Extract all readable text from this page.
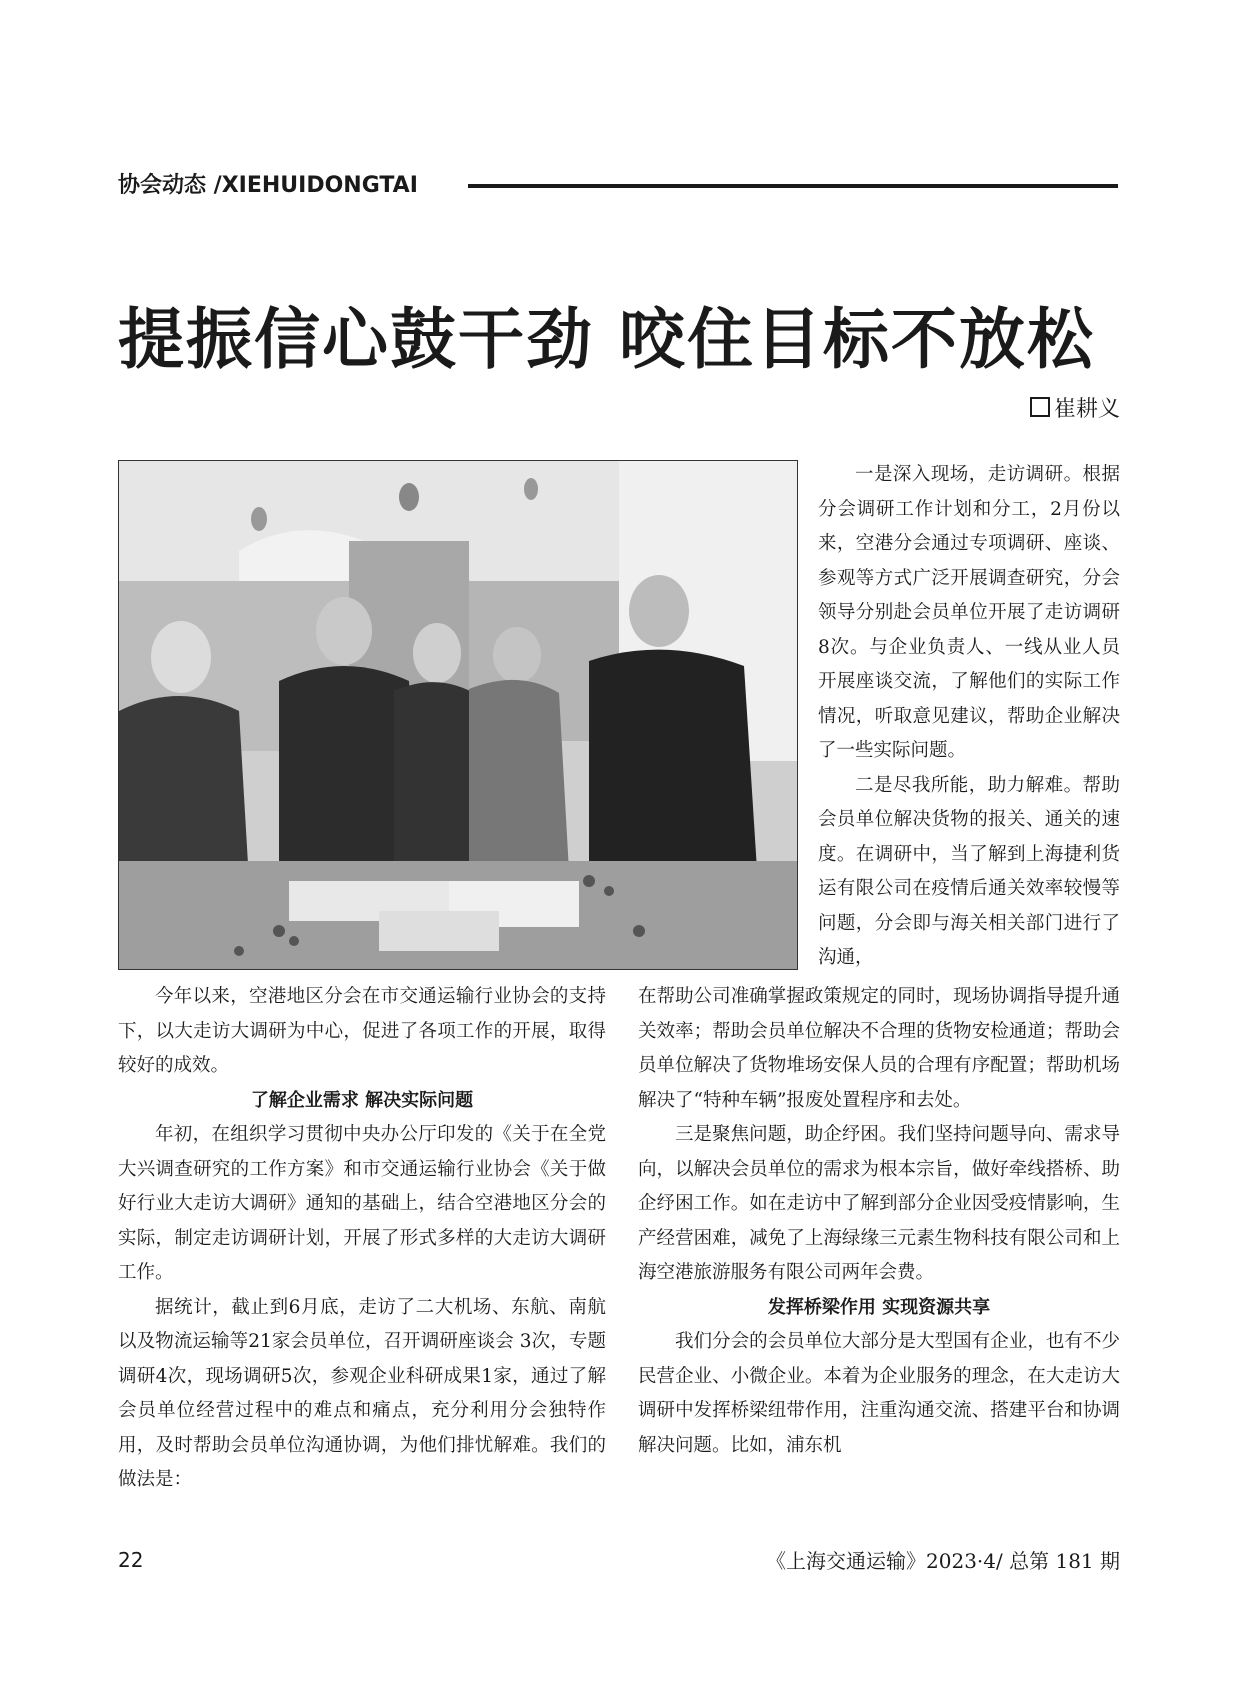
协会动态 /XIEHUIDONGTAI
提振信心鼓干劲 咬住目标不放松
崔耕义

一是深入现场，走访调研。根据分会调研工作计划和分工，2月份以来，空港分会通过专项调研、座谈、参观等方式广泛开展调查研究，分会领导分别赴会员单位开展了走访调研8次。与企业负责人、一线从业人员开展座谈交流，了解他们的实际工作情况，听取意见建议，帮助企业解决了一些实际问题。

二是尽我所能，助力解难。帮助会员单位解决货物的报关、通关的速度。在调研中，当了解到上海捷利货运有限公司在疫情后通关效率较慢等问题，分会即与海关相关部门进行了沟通，

今年以来，空港地区分会在市交通运输行业协会的支持下，以大走访大调研为中心，促进了各项工作的开展，取得较好的成效。

了解企业需求 解决实际问题

年初，在组织学习贯彻中央办公厅印发的《关于在全党大兴调查研究的工作方案》和市交通运输行业协会《关于做好行业大走访大调研》通知的基础上，结合空港地区分会的实际，制定走访调研计划，开展了形式多样的大走访大调研工作。

据统计，截止到6月底，走访了二大机场、东航、南航以及物流运输等21家会员单位，召开调研座谈会 3次，专题调研4次，现场调研5次，参观企业科研成果1家，通过了解会员单位经营过程中的难点和痛点，充分利用分会独特作用，及时帮助会员单位沟通协调，为他们排忧解难。我们的做法是：

在帮助公司准确掌握政策规定的同时，现场协调指导提升通关效率；帮助会员单位解决不合理的货物安检通道；帮助会员单位解决了货物堆场安保人员的合理有序配置；帮助机场解决了“特种车辆”报废处置程序和去处。

三是聚焦问题，助企纾困。我们坚持问题导向、需求导向，以解决会员单位的需求为根本宗旨，做好牵线搭桥、助企纾困工作。如在走访中了解到部分企业因受疫情影响，生产经营困难，减免了上海绿缘三元素生物科技有限公司和上海空港旅游服务有限公司两年会费。

发挥桥梁作用 实现资源共享

我们分会的会员单位大部分是大型国有企业，也有不少民营企业、小微企业。本着为企业服务的理念，在大走访大调研中发挥桥梁纽带作用，注重沟通交流、搭建平台和协调解决问题。比如，浦东机

22	《上海交通运输》2023·4/ 总第 181 期
